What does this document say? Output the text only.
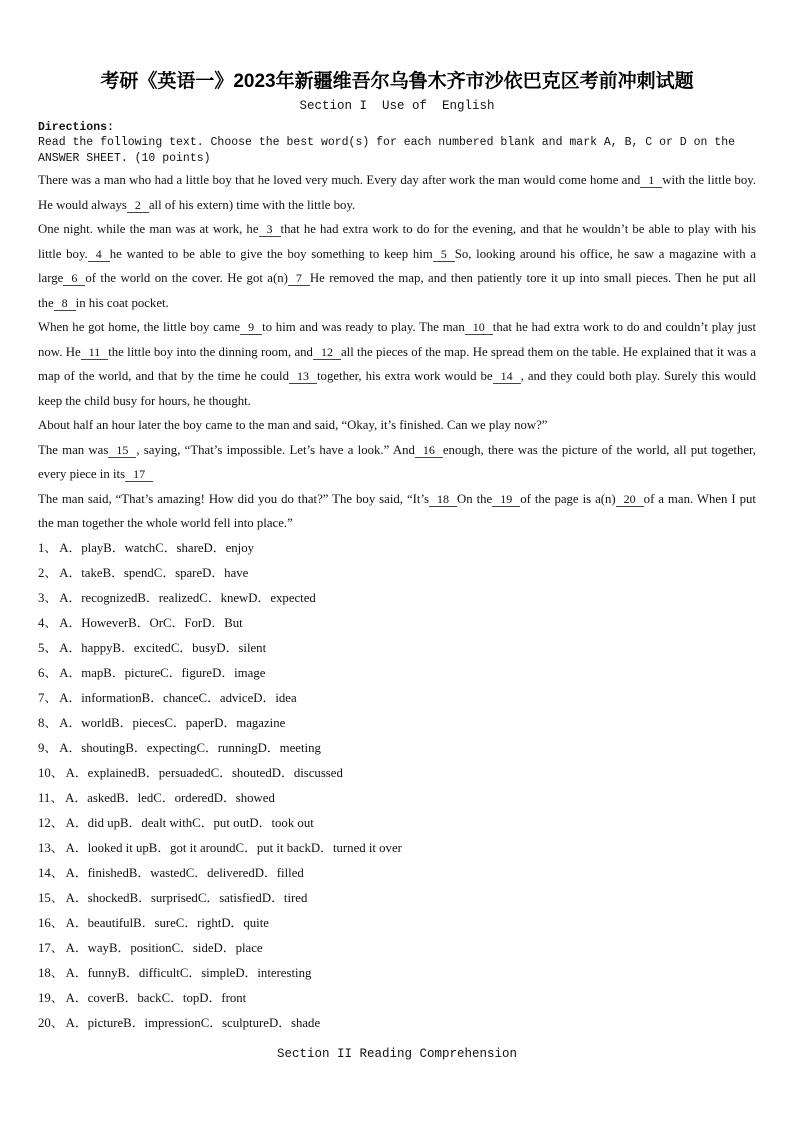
考研《英语一》2023年新疆维吾尔乌鲁木齐市沙依巴克区考前冲刺试题
Section I  Use of  English
Directions:
Read the following text. Choose the best word(s) for each numbered blank and mark A, B, C or D on the
ANSWER SHEET. (10 points)

There was a man who had a little boy that he loved very much. Every day after work the man would come home and 1 with the little boy. He would always 2 all of his extern) time with the little boy.

One night. while the man was at work, he 3 that he had extra work to do for the evening, and that he wouldn’t be able to play with his little boy. 4 he wanted to be able to give the boy something to keep him 5 So, looking around his office, he saw a magazine with a large 6 of the world on the cover. He got a(n) 7 He removed the map, and then patiently tore it up into small pieces. Then he put all the 8 in his coat pocket.

When he got home, the little boy came 9 to him and was ready to play. The man 10 that he had extra work to do and couldn’t play just now. He 11 the little boy into the dinning room, and 12 all the pieces of the map. He spread them on the table. He explained that it was a map of the world, and that by the time he could 13 together, his extra work would be 14 , and they could both play. Surely this would keep the child busy for hours, he thought.

About half an hour later the boy came to the man and said, “Okay, it’s finished. Can we play now?”

The man was 15 , saying, “That’s impossible. Let’s have a look.” And 16 enough, there was the picture of the world, all put together, every piece in its 17

The man said, “That’s amazing! How did you do that?” The boy said, “It’s 18 On the 19 of the page is a(n) 20 of a man. When I put the man together the whole world fell into place.”

1、 A．playB．watchC．shareD．enjoy
2、 A．takeB．spendC．spareD．have
3、 A．recognizedB．realizedC．knewD．expected
4、 A．HoweverB．OrC．ForD．But
5、 A．happyB．excitedC．busyD．silent
6、 A．mapB．pictureC．figureD．image
7、 A．informationB．chanceC．adviceD．idea
8、 A．worldB．piecesC．paperD．magazine
9、 A．shoutingB．expectingC．runningD．meeting
10、 A．explainedB．persuadedC．shoutedD．discussed
11、 A．askedB．ledC．orderedD．showed
12、 A．did upB．dealt withC．put outD．took out
13、 A．looked it upB．got it aroundC．put it backD．turned it over
14、 A．finishedB．wastedC．deliveredD．filled
15、 A．shockedB．surprisedC．satisfiedD．tired
16、 A．beautifulB．sureC．rightD．quite
17、 A．wayB．positionC．sideD．place
18、 A．funnyB．difficultC．simpleD．interesting
19、 A．coverB．backC．topD．front
20、 A．pictureB．impressionC．sculptureD．shade
Section II Reading Comprehension
